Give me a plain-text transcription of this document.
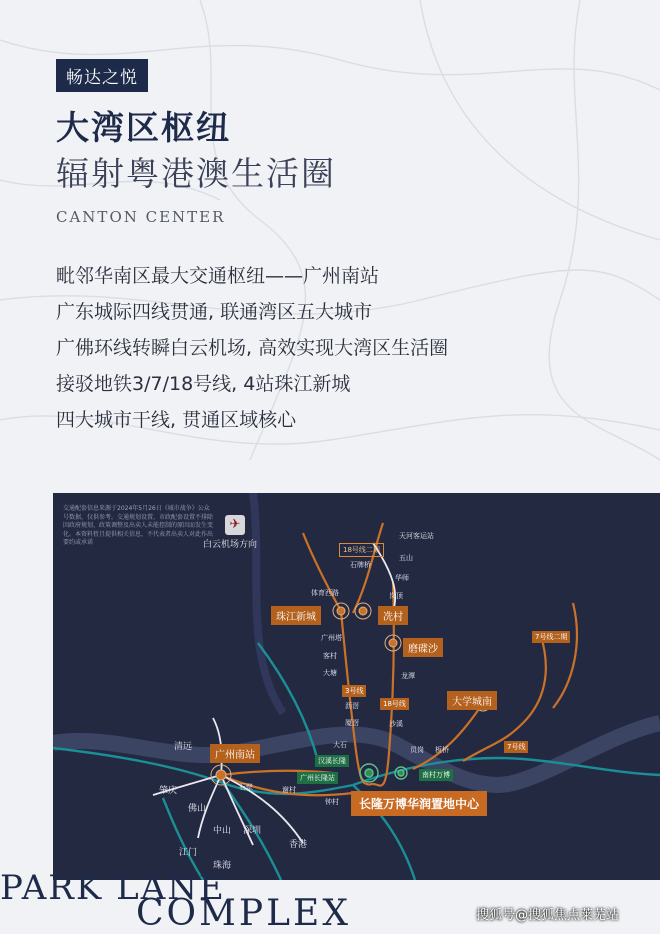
畅达之悦
大湾区枢纽
辐射粤港澳生活圈
CANTON CENTER
毗邻华南区最大交通枢纽——广州南站
广东城际四线贯通, 联通湾区五大城市
广佛环线转瞬白云机场, 高效实现大湾区生活圈
接驳地铁3/7/18号线, 4站珠江新城
四大城市干线, 贯通区域核心
交通配套信息来源于2024年5月26日《城市战争》公众号数据，仅供参考。交通规划设置、市政配套设置不排除因政府规划、政策调整及出卖人未能控制的原因而发生变化。本资料暂且提供相关信息，不代表者出卖人对此作出要约或承诺
✈
白云机场方向
珠江新城	冼村
磨碟沙
大学城南
广州南站	汉溪长隆
广州长隆站	南村万博
长隆万博华润置地中心
18号线二期
3号线
18号线
7号线
7号线二期
天河客运站
五山
华师
石牌桥
岗顶
体育西路
广州塔
客村
大塘
沥滘
厦滘
大石
龙潭
沙溪
员岗 板桥
钟村
谢村
石壁
清远
肇庆
佛山
中山 深圳
江门
珠海
香港
PARK LANE
COMPLEX	搜狐号@搜狐焦点莱芜站
